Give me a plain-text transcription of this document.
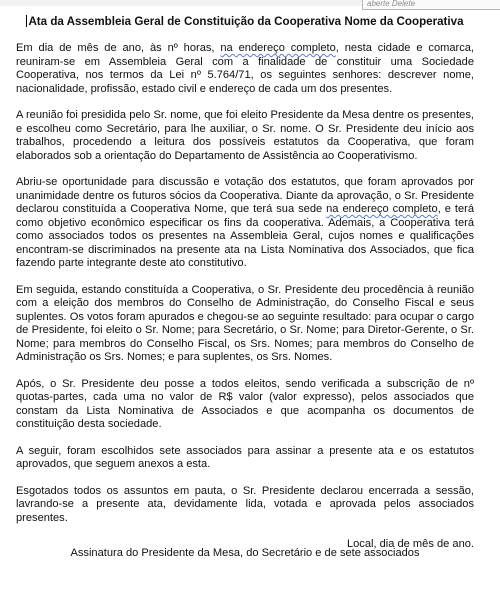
aberte Delete
Ata da Assembleia Geral de Constituição da Cooperativa Nome da Cooperativa

Em dia de mês de ano, às nº horas, na endereço completo, nesta cidade e comarca, reuniram-se em Assembleia Geral com a finalidade de constituir uma Sociedade Cooperativa, nos termos da Lei nº 5.764/71, os seguintes senhores: descrever nome, nacionalidade, profissão, estado civil e endereço de cada um dos presentes.

A reunião foi presidida pelo Sr. nome, que foi eleito Presidente da Mesa dentre os presentes, e escolheu como Secretário, para lhe auxiliar, o Sr. nome. O Sr. Presidente deu início aos trabalhos, procedendo a leitura dos possíveis estatutos da Cooperativa, que foram elaborados sob a orientação do Departamento de Assistência ao Cooperativismo.

Abriu-se oportunidade para discussão e votação dos estatutos, que foram aprovados por unanimidade dentre os futuros sócios da Cooperativa. Diante da aprovação, o Sr. Presidente declarou constituída a Cooperativa Nome, que terá sua sede na endereço completo, e terá como objetivo econômico especificar os fins da cooperativa. Ademais, a Cooperativa terá como associados todos os presentes na Assembleia Geral, cujos nomes e qualificações encontram-se discriminados na presente ata na Lista Nominativa dos Associados, que fica fazendo parte integrante deste ato constitutivo.

Em seguida, estando constituída a Cooperativa, o Sr. Presidente deu procedência à reunião com a eleição dos membros do Conselho de Administração, do Conselho Fiscal e seus suplentes. Os votos foram apurados e chegou-se ao seguinte resultado: para ocupar o cargo de Presidente, foi eleito o Sr. Nome; para Secretário, o Sr. Nome; para Diretor-Gerente, o Sr. Nome; para membros do Conselho Fiscal, os Srs. Nomes; para membros do Conselho de Administração os Srs. Nomes; e para suplentes, os Srs. Nomes.

Após, o Sr. Presidente deu posse a todos eleitos, sendo verificada a subscrição de nº quotas-partes, cada uma no valor de R$ valor (valor expresso), pelos associados que constam da Lista Nominativa de Associados e que acompanha os documentos de constituição desta sociedade.

A seguir, foram escolhidos sete associados para assinar a presente ata e os estatutos aprovados, que seguem anexos a esta.

Esgotados todos os assuntos em pauta, o Sr. Presidente declarou encerrada a sessão, lavrando-se a presente ata, devidamente lida, votada e aprovada pelos associados presentes.

Local, dia de mês de ano.

Assinatura do Presidente da Mesa, do Secretário e de sete associados
